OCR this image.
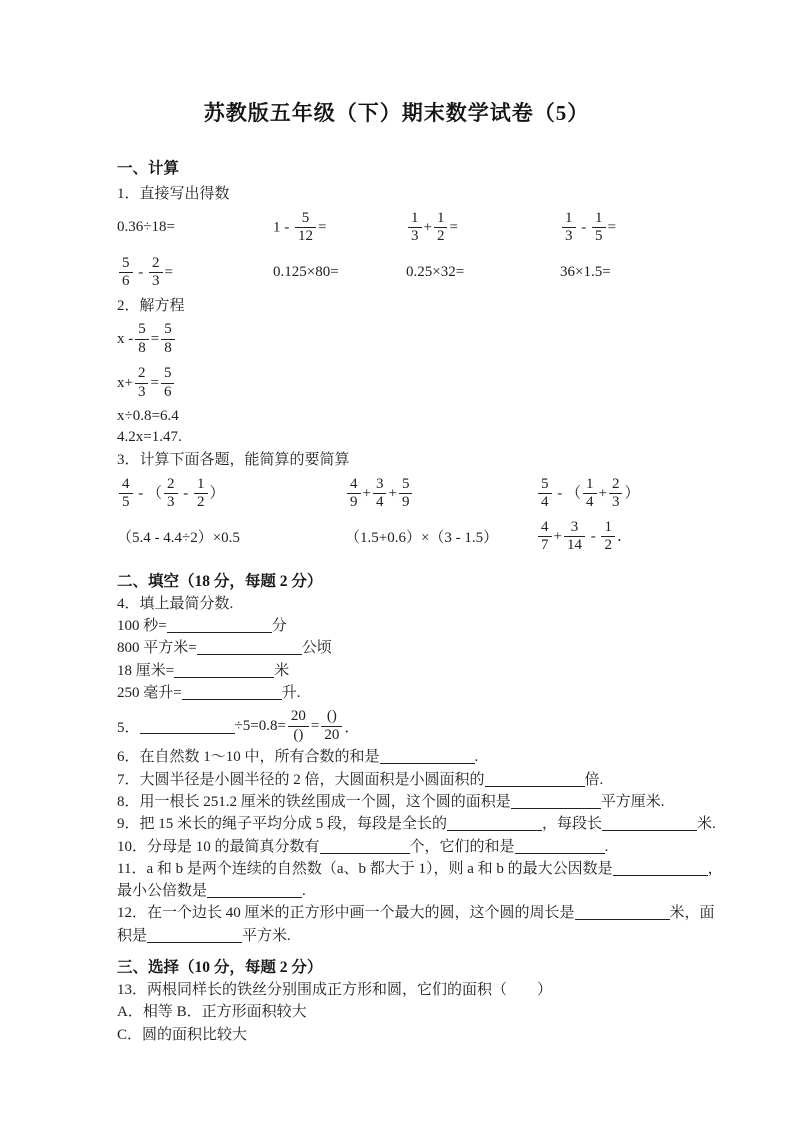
苏教版五年级（下）期末数学试卷（5）
一、计算
1．直接写出得数
0.36÷18=	$1 - \frac{5}{12}$ =	$\frac{1}{3} + \frac{1}{2}$ =	$\frac{1}{3} - \frac{1}{5}$ =
$\frac{5}{6} - \frac{2}{3}$ =	0.125×80=	0.25×32=	36×1.5=
2．解方程
$x - \frac{5}{8} = \frac{5}{8}$
$x+ \frac{2}{3} = \frac{5}{6}$
x÷0.8=6.4
4.2x=1.47.
3．计算下面各题，能简算的要简算
$\frac{4}{5}$ - （ $\frac{2}{3} - \frac{1}{2}$ ）	$\frac{4}{9} + \frac{3}{4} + \frac{5}{9}$	$\frac{5}{4}$ - （ $\frac{1}{4} + \frac{2}{3}$ ）
（5.4 - 4.4÷2）×0.5	（1.5+0.6）×（3 - 1.5）	$\frac{4}{7} + \frac{3}{14} - \frac{1}{2}$ ．
二、填空（18 分，每题 2 分）
4．填上最简分数.
100 秒=	分
800 平方米=	公顷
18 厘米=	米
250 毫升=	升.
5．	$\div 5=0.8= \frac{20}{()} = \frac{()}{20}$ ．
6．在自然数 1～10 中，所有合数的和是	.
7．大圆半径是小圆半径的 2 倍，大圆面积是小圆面积的	倍.
8．用一根长 251.2 厘米的铁丝围成一个圆，这个圆的面积是	平方厘米.
9．把 15 米长的绳子平均分成 5 段，每段是全长的	，每段长	米.
10．分母是 10 的最简真分数有	个，它们的和是	.
11．a 和 b 是两个连续的自然数（a、b 都大于 1），则 a 和 b 的最大公因数是	，
最小公倍数是	.
12．在一个边长 40 厘米的正方形中画一个最大的圆，这个圆的周长是	米，面
积是	平方米.
三、选择（10 分，每题 2 分）
13．两根同样长的铁丝分别围成正方形和圆，它们的面积（　　）
A．相等 B．正方形面积较大
C．圆的面积比较大
